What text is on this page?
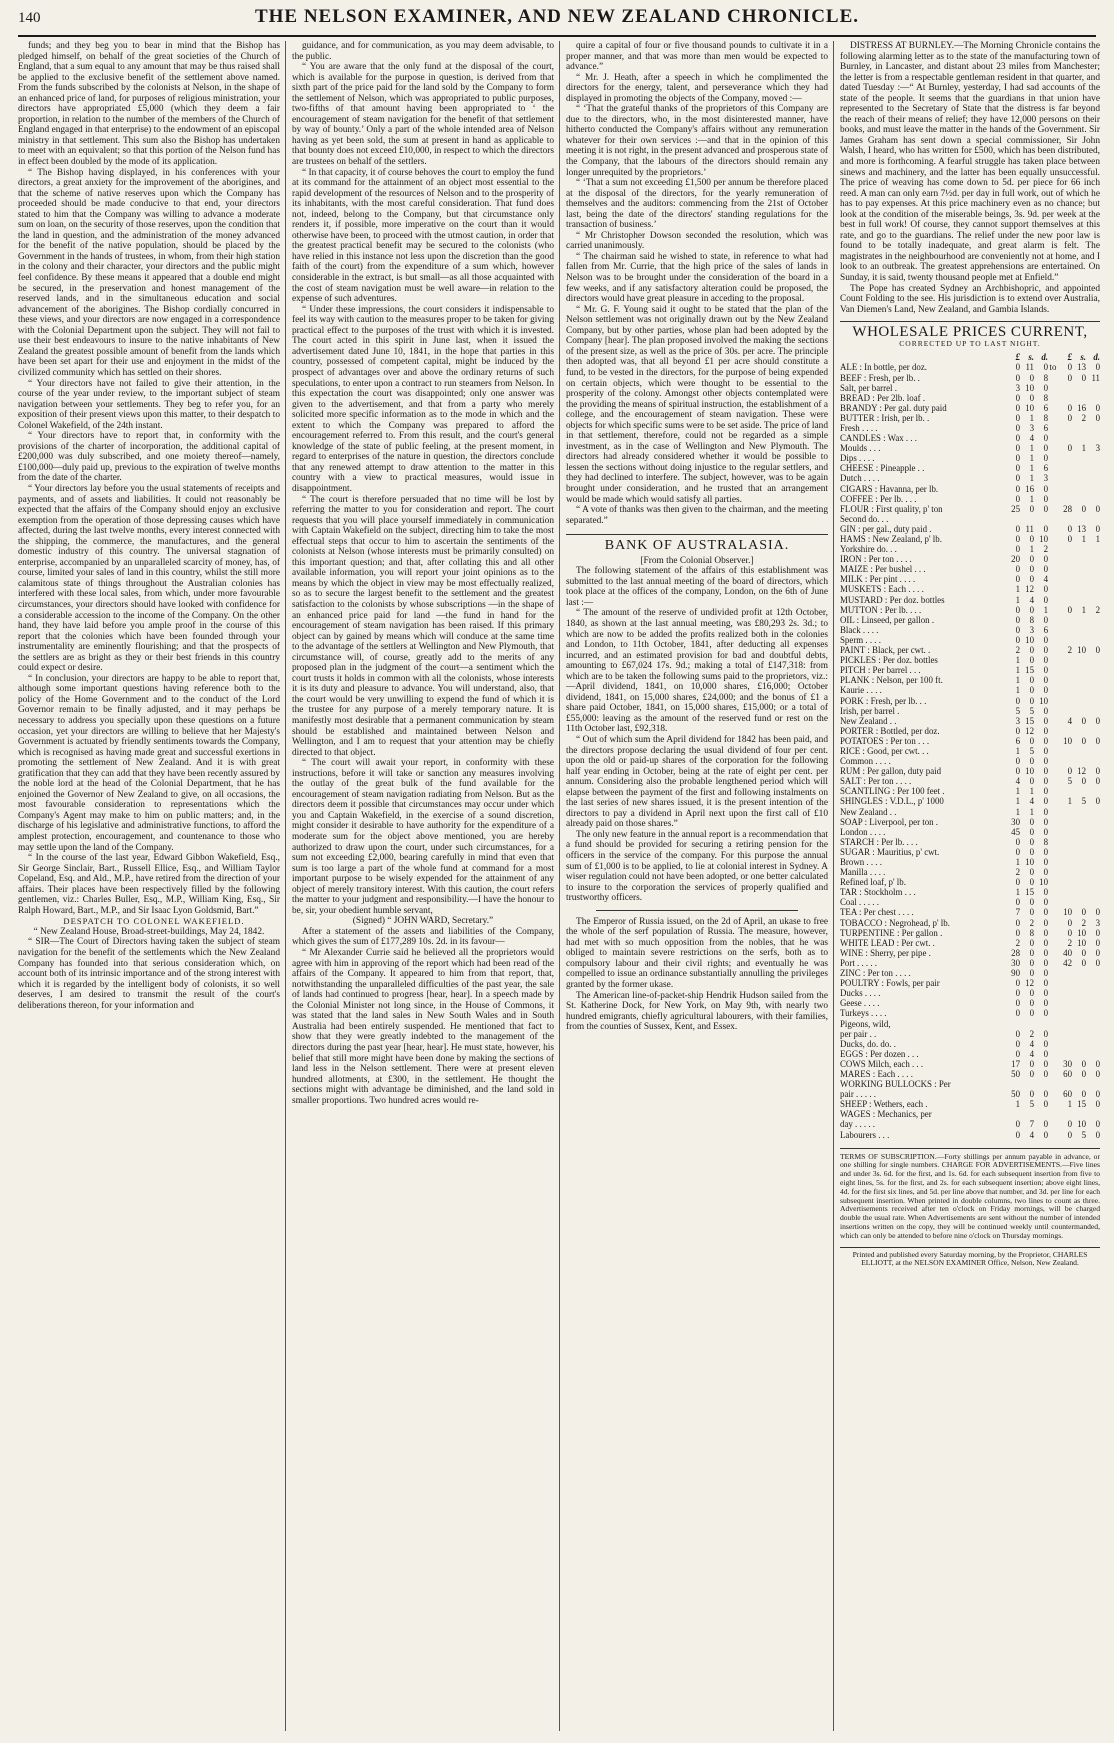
140	THE NELSON EXAMINER, AND NEW ZEALAND CHRONICLE.

funds; and they beg you to bear in mind that the Bishop has pledged himself, on behalf of the great societies of the Church of England, that a sum equal to any amount that may be thus raised shall be applied to the exclusive benefit of the settlement above named. From the funds subscribed by the colonists at Nelson, in the shape of an enhanced price of land, for purposes of religious ministration, your directors have appropriated £5,000 (which they deem a fair proportion, in relation to the number of the members of the Church of England engaged in that enterprise) to the endowment of an episcopal ministry in that settlement. This sum also the Bishop has undertaken to meet with an equivalent; so that this portion of the Nelson fund has in effect been doubled by the mode of its application.

“ The Bishop having displayed, in his conferences with your directors, a great anxiety for the improvement of the aborigines, and that the scheme of native reserves upon which the Company has proceeded should be made conducive to that end, your directors stated to him that the Company was willing to advance a moderate sum on loan, on the security of those reserves, upon the condition that the land in question, and the administration of the money advanced for the benefit of the native population, should be placed by the Government in the hands of trustees, in whom, from their high station in the colony and their character, your directors and the public might feel confidence. By these means it appeared that a double end might be secured, in the preservation and honest management of the reserved lands, and in the simultaneous education and social advancement of the aborigines. The Bishop cordially concurred in these views, and your directors are now engaged in a correspondence with the Colonial Department upon the subject. They will not fail to use their best endeavours to insure to the native inhabitants of New Zealand the greatest possible amount of benefit from the lands which have been set apart for their use and enjoyment in the midst of the civilized community which has settled on their shores.

“ Your directors have not failed to give their attention, in the course of the year under review, to the important subject of steam navigation between your settlements. They beg to refer you, for an exposition of their present views upon this matter, to their despatch to Colonel Wakefield, of the 24th instant.

“ Your directors have to report that, in conformity with the provisions of the charter of incorporation, the additional capital of £200,000 was duly subscribed, and one moiety thereof—namely, £100,000—duly paid up, previous to the expiration of twelve months from the date of the charter.

“ Your directors lay before you the usual statements of receipts and payments, and of assets and liabilities. It could not reasonably be expected that the affairs of the Company should enjoy an exclusive exemption from the operation of those depressing causes which have affected, during the last twelve months, every interest connected with the shipping, the commerce, the manufactures, and the general domestic industry of this country. The universal stagnation of enterprise, accompanied by an unparalleled scarcity of money, has, of course, limited your sales of land in this country, whilst the still more calamitous state of things throughout the Australian colonies has interfered with these local sales, from which, under more favourable circumstances, your directors should have looked with confidence for a considerable accession to the income of the Company. On the other hand, they have laid before you ample proof in the course of this report that the colonies which have been founded through your instrumentality are eminently flourishing; and that the prospects of the settlers are as bright as they or their best friends in this country could expect or desire.

“ In conclusion, your directors are happy to be able to report that, although some important questions having reference both to the policy of the Home Government and to the conduct of the Lord Governor remain to be finally adjusted, and it may perhaps be necessary to address you specially upon these questions on a future occasion, yet your directors are willing to believe that her Majesty's Government is actuated by friendly sentiments towards the Company, which is recognised as having made great and successful exertions in promoting the settlement of New Zealand. And it is with great gratification that they can add that they have been recently assured by the noble lord at the head of the Colonial Department, that he has enjoined the Governor of New Zealand to give, on all occasions, the most favourable consideration to representations which the Company's Agent may make to him on public matters; and, in the discharge of his legislative and administrative functions, to afford the amplest protection, encouragement, and countenance to those who may settle upon the land of the Company.

“ In the course of the last year, Edward Gibbon Wakefield, Esq., Sir George Sinclair, Bart., Russell Ellice, Esq., and William Taylor Copeland, Esq. and Ald., M.P., have retired from the direction of your affairs. Their places have been respectively filled by the following gentlemen, viz.: Charles Buller, Esq., M.P., William King, Esq., Sir Ralph Howard, Bart., M.P., and Sir Isaac Lyon Goldsmid, Bart.”

DESPATCH TO COLONEL WAKEFIELD.

“ New Zealand House, Broad-street-buildings, May 24, 1842.

“ SIR—The Court of Directors having taken the subject of steam navigation for the benefit of the settlements which the New Zealand Company has founded into that serious consideration which, on account both of its intrinsic importance and of the strong interest with which it is regarded by the intelligent body of colonists, it so well deserves, I am desired to transmit the result of the court's deliberations thereon, for your information and

guidance, and for communication, as you may deem advisable, to the public.

“ You are aware that the only fund at the disposal of the court, which is available for the purpose in question, is derived from that sixth part of the price paid for the land sold by the Company to form the settlement of Nelson, which was appropriated to public purposes, two-fifths of that amount having been appropriated to ‘ the encouragement of steam navigation for the benefit of that settlement by way of bounty.’ Only a part of the whole intended area of Nelson having as yet been sold, the sum at present in hand as applicable to that bounty does not exceed £10,000, in respect to which the directors are trustees on behalf of the settlers.

“ In that capacity, it of course behoves the court to employ the fund at its command for the attainment of an object most essential to the rapid development of the resources of Nelson and to the prosperity of its inhabitants, with the most careful consideration. That fund does not, indeed, belong to the Company, but that circumstance only renders it, if possible, more imperative on the court than it would otherwise have been, to proceed with the utmost caution, in order that the greatest practical benefit may be secured to the colonists (who have relied in this instance not less upon the discretion than the good faith of the court) from the expenditure of a sum which, however considerable in the extract, is but small—as all those acquainted with the cost of steam navigation must be well aware—in relation to the expense of such adventures.

“ Under these impressions, the court considers it indispensable to feel its way with caution to the measures proper to be taken for giving practical effect to the purposes of the trust with which it is invested. The court acted in this spirit in June last, when it issued the advertisement dated June 10, 1841, in the hope that parties in this country, possessed of competent capital, might be induced by the prospect of advantages over and above the ordinary returns of such speculations, to enter upon a contract to run steamers from Nelson. In this expectation the court was disappointed; only one answer was given to the advertisement, and that from a party who merely solicited more specific information as to the mode in which and the extent to which the Company was prepared to afford the encouragement referred to. From this result, and the court's general knowledge of the state of public feeling, at the present moment, in regard to enterprises of the nature in question, the directors conclude that any renewed attempt to draw attention to the matter in this country with a view to practical measures, would issue in disappointment.

“ The court is therefore persuaded that no time will be lost by referring the matter to you for consideration and report. The court requests that you will place yourself immediately in communication with Captain Wakefield on the subject, directing him to take the most effectual steps that occur to him to ascertain the sentiments of the colonists at Nelson (whose interests must be primarily consulted) on this important question; and that, after collating this and all other available information, you will report your joint opinions as to the means by which the object in view may be most effectually realized, so as to secure the largest benefit to the settlement and the greatest satisfaction to the colonists by whose subscriptions —in the shape of an enhanced price paid for land —the fund in hand for the encouragement of steam navigation has been raised. If this primary object can by gained by means which will conduce at the same time to the advantage of the settlers at Wellington and New Plymouth, that circumstance will, of course, greatly add to the merits of any proposed plan in the judgment of the court—a sentiment which the court trusts it holds in common with all the colonists, whose interests it is its duty and pleasure to advance. You will understand, also, that the court would be very unwilling to expend the fund of which it is the trustee for any purpose of a merely temporary nature. It is manifestly most desirable that a permanent communication by steam should be established and maintained between Nelson and Wellington, and I am to request that your attention may be chiefly directed to that object.

“ The court will await your report, in conformity with these instructions, before it will take or sanction any measures involving the outlay of the great bulk of the fund available for the encouragement of steam navigation radiating from Nelson. But as the directors deem it possible that circumstances may occur under which you and Captain Wakefield, in the exercise of a sound discretion, might consider it desirable to have authority for the expenditure of a moderate sum for the object above mentioned, you are hereby authorized to draw upon the court, under such circumstances, for a sum not exceeding £2,000, bearing carefully in mind that even that sum is too large a part of the whole fund at command for a most important purpose to be wisely expended for the attainment of any object of merely transitory interest. With this caution, the court refers the matter to your judgment and responsibility.—I have the honour to be, sir, your obedient humble servant,

(Signed) “ JOHN WARD, Secretary.”

After a statement of the assets and liabilities of the Company, which gives the sum of £177,289 10s. 2d. in its favour—

“ Mr Alexander Currie said he believed all the proprietors would agree with him in approving of the report which had been read of the affairs of the Company. It appeared to him from that report, that, notwithstanding the unparalleled difficulties of the past year, the sale of lands had continued to progress [hear, hear]. In a speech made by the Colonial Minister not long since, in the House of Commons, it was stated that the land sales in New South Wales and in South Australia had been entirely suspended. He mentioned that fact to show that they were greatly indebted to the management of the directors during the past year [hear, hear]. He must state, however, his belief that still more might have been done by making the sections of land less in the Nelson settlement. There were at present eleven hundred allotments, at £300, in the settlement. He thought the sections might with advantage be diminished, and the land sold in smaller proportions. Two hundred acres would re-

quire a capital of four or five thousand pounds to cultivate it in a proper manner, and that was more than men would be expected to advance.”

“ Mr. J. Heath, after a speech in which he complimented the directors for the energy, talent, and perseverance which they had displayed in promoting the objects of the Company, moved :—

“ ‘That the grateful thanks of the proprietors of this Company are due to the directors, who, in the most disinterested manner, have hitherto conducted the Company's affairs without any remuneration whatever for their own services :—and that in the opinion of this meeting it is not right, in the present advanced and prosperous state of the Company, that the labours of the directors should remain any longer unrequited by the proprietors.’

“ ‘That a sum not exceeding £1,500 per annum be therefore placed at the disposal of the directors, for the yearly remuneration of themselves and the auditors: commencing from the 21st of October last, being the date of the directors' standing regulations for the transaction of business.’

“ Mr Christopher Dowson seconded the resolution, which was carried unanimously.

“ The chairman said he wished to state, in reference to what had fallen from Mr. Currie, that the high price of the sales of lands in Nelson was to be brought under the consideration of the board in a few weeks, and if any satisfactory alteration could be proposed, the directors would have great pleasure in acceding to the proposal.

“ Mr. G. F. Young said it ought to be stated that the plan of the Nelson settlement was not originally drawn out by the New Zealand Company, but by other parties, whose plan had been adopted by the Company [hear]. The plan proposed involved the making the sections of the present size, as well as the price of 30s. per acre. The principle then adopted was, that all beyond £1 per acre should constitute a fund, to be vested in the directors, for the purpose of being expended on certain objects, which were thought to be essential to the prosperity of the colony. Amongst other objects contemplated were the providing the means of spiritual instruction, the establishment of a college, and the encouragement of steam navigation. These were objects for which specific sums were to be set aside. The price of land in that settlement, therefore, could not be regarded as a simple investment, as in the case of Wellington and New Plymouth. The directors had already considered whether it would be possible to lessen the sections without doing injustice to the regular settlers, and they had declined to interfere. The subject, however, was to be again brought under consideration, and he trusted that an arrangement would be made which would satisfy all parties.

“ A vote of thanks was then given to the chairman, and the meeting separated.”

BANK OF AUSTRALASIA.

[From the Colonial Observer.]

The following statement of the affairs of this establishment was submitted to the last annual meeting of the board of directors, which took place at the offices of the company, London, on the 6th of June last :—

“ The amount of the reserve of undivided profit at 12th October, 1840, as shown at the last annual meeting, was £80,293 2s. 3d.; to which are now to be added the profits realized both in the colonies and London, to 11th October, 1841, after deducting all expenses incurred, and an estimated provision for bad and doubtful debts, amounting to £67,024 17s. 9d.; making a total of £147,318: from which are to be taken the following sums paid to the proprietors, viz.:—April dividend, 1841, on 10,000 shares, £16,000; October dividend, 1841, on 15,000 shares, £24,000; and the bonus of £1 a share paid October, 1841, on 15,000 shares, £15,000; or a total of £55,000: leaving as the amount of the reserved fund or rest on the 11th October last, £92,318.

“ Out of which sum the April dividend for 1842 has been paid, and the directors propose declaring the usual dividend of four per cent. upon the old or paid-up shares of the corporation for the following half year ending in October, being at the rate of eight per cent. per annum. Considering also the probable lengthened period which will elapse between the payment of the first and following instalments on the last series of new shares issued, it is the present intention of the directors to pay a dividend in April next upon the first call of £10 already paid on those shares.”

The only new feature in the annual report is a recommendation that a fund should be provided for securing a retiring pension for the officers in the service of the company. For this purpose the annual sum of £1,000 is to be applied, to lie at colonial interest in Sydney. A wiser regulation could not have been adopted, or one better calculated to insure to the corporation the services of properly qualified and trustworthy officers.

The Emperor of Russia issued, on the 2d of April, an ukase to free the whole of the serf population of Russia. The measure, however, had met with so much opposition from the nobles, that he was obliged to maintain severe restrictions on the serfs, both as to compulsory labour and their civil rights; and eventually he was compelled to issue an ordinance substantially annulling the privileges granted by the former ukase.

The American line-of-packet-ship Hendrik Hudson sailed from the St. Katherine Dock, for New York, on May 9th, with nearly two hundred emigrants, chiefly agricultural labourers, with their families, from the counties of Sussex, Kent, and Essex.

DISTRESS AT BURNLEY.—The Morning Chronicle contains the following alarming letter as to the state of the manufacturing town of Burnley, in Lancaster, and distant about 23 miles from Manchester; the letter is from a respectable gentleman resident in that quarter, and dated Tuesday :—“ At Burnley, yesterday, I had sad accounts of the state of the people. It seems that the guardians in that union have represented to the Secretary of State that the distress is far beyond the reach of their means of relief; they have 12,000 persons on their books, and must leave the matter in the hands of the Government. Sir James Graham has sent down a special commissioner, Sir John Walsh, I heard, who has written for £500, which has been distributed, and more is forthcoming. A fearful struggle has taken place between sinews and machinery, and the latter has been equally unsuccessful. The price of weaving has come down to 5d. per piece for 66 inch reed. A man can only earn 7½d. per day in full work, out of which he has to pay expenses. At this price machinery even as no chance; but look at the condition of the miserable beings, 3s. 9d. per week at the best in full work! Of course, they cannot support themselves at this rate, and go to the guardians. The relief under the new poor law is found to be totally inadequate, and great alarm is felt. The magistrates in the neighbourhood are conveniently not at home, and I look to an outbreak. The greatest apprehensions are entertained. On Sunday, it is said, twenty thousand people met at Enfield.”

The Pope has created Sydney an Archbishopric, and appointed Count Folding to the see. His jurisdiction is to extend over Australia, Van Diemen's Land, New Zealand, and Gambia Islands.

WHOLESALE PRICES CURRENT,
CORRECTED UP TO LAST NIGHT.
	£	s.	d.		£	s.	d.
ALE : In bottle, per doz.	0	11	0	to	0	13	0
BEEF : Fresh, per lb. .	0	0	8		0	0	11
Salt, per barrel .	3	10	0				
BREAD : Per 2lb. loaf .	0	0	8				
BRANDY : Per gal. duty paid	0	10	6		0	16	0
BUTTER : Irish, per lb. .	0	1	8		0	2	0
Fresh . . . .	0	3	6				
CANDLES : Wax . . .	0	4	0				
Moulds . . .	0	1	0		0	1	3
Dips . . . .	0	1	0				
CHEESE : Pineapple . .	0	1	6				
Dutch . . . .	0	1	3				
CIGARS : Havanna, per lb.	0	16	0				
COFFEE : Per lb. . . .	0	1	0				
FLOUR : First quality, p' ton	25	0	0		28	0	0
Second do. . .							
GIN : per gal., duty paid .	0	11	0		0	13	0
HAMS : New Zealand, p' lb.	0	0	10		0	1	1
Yorkshire do. . .	0	1	2				
IRON : Per ton . . . .	20	0	0				
MAIZE : Per bushel . . .	0	0	0				
MILK : Per pint . . . .	0	0	4				
MUSKETS : Each . . . .	1	12	0				
MUSTARD : Per doz. bottles	1	4	0				
MUTTON : Per lb. . . .	0	0	1		0	1	2
OIL : Linseed, per gallon .	0	8	0				
Black . . . .	0	3	6				
Sperm . . . .	0	10	0				
PAINT : Black, per cwt. .	2	0	0		2	10	0
PICKLES : Per doz. bottles	1	0	0				
PITCH : Per barrel . . .	1	15	0				
PLANK : Nelson, per 100 ft.	1	0	0				
Kaurie . . . .	1	0	0				
PORK : Fresh, per lb. . .	0	0	10				
Irish, per barrel .	5	5	0				
New Zealand . .	3	15	0		4	0	0
PORTER : Bottled, per doz.	0	12	0				
POTATOES : Per ton . . .	6	0	0		10	0	0
RICE : Good, per cwt. . .	1	5	0				
Common . . . .	0	0	0				
RUM : Per gallon, duty paid	0	10	0		0	12	0
SALT : Per ton . . . .	4	0	0		5	0	0
SCANTLING : Per 100 feet .	1	1	0				
SHINGLES : V.D.L., p' 1000	1	4	0		1	5	0
New Zealand . .	1	1	0				
SOAP : Liverpool, per ton .	30	0	0				
London . . . .	45	0	0				
STARCH : Per lb. . . .	0	0	8				
SUGAR : Mauritius, p' cwt.	0	0	0				
Brown . . . .	1	10	0				
Manilla . . . .	2	0	0				
Refined loaf, p' lb.	0	0	10				
TAR : Stockholm . . .	1	15	0				
Coal . . . . .	0	0	0				
TEA : Per chest . . . .	7	0	0		10	0	0
TOBACCO : Negrohead, p' lb.	0	2	0		0	2	3
TURPENTINE : Per gallon .	0	8	0		0	10	0
WHITE LEAD : Per cwt. .	2	0	0		2	10	0
WINE : Sherry, per pipe .	28	0	0		40	0	0
Port . . . . .	30	0	0		42	0	0
ZINC : Per ton . . . .	90	0	0				
POULTRY : Fowls, per pair	0	12	0				
Ducks . . . .	0	0	0				
Geese . . . .	0	0	0				
Turkeys . . . .	0	0	0				
Pigeons, wild,							
per pair . .	0	2	0				
Ducks, do. do. .	0	4	0				
EGGS : Per dozen . . .	0	4	0				
COWS Milch, each . . .	17	0	0		30	0	0
MARES : Each . . . .	50	0	0		60	0	0
WORKING BULLOCKS : Per							
pair . . . . .	50	0	0		60	0	0
SHEEP : Wethers, each .	1	5	0		1	15	0
WAGES : Mechanics, per							
day . . . . .	0	7	0		0	10	0
Labourers . . .	0	4	0		0	5	0
TERMS OF SUBSCRIPTION.—Forty shillings per annum payable in advance, or one shilling for single numbers. CHARGE FOR ADVERTISEMENTS.—Five lines and under 3s. 6d. for the first, and 1s. 6d. for each subsequent insertion from five to eight lines, 5s. for the first, and 2s. for each subsequent insertion; above eight lines, 4d. for the first six lines, and 5d. per line above that number, and 3d. per line for each subsequent insertion. When printed in double columns, two lines to count as three. Advertisements received after ten o'clock on Friday mornings, will be charged double the usual rate. When Advertisements are sent without the number of intended insertions written on the copy, they will be continued weekly until countermanded, which can only be attended to before nine o'clock on Thursday mornings.
Printed and published every Saturday morning, by the Proprietor, CHARLES ELLIOTT, at the NELSON EXAMINER Office, Nelson, New Zealand.
